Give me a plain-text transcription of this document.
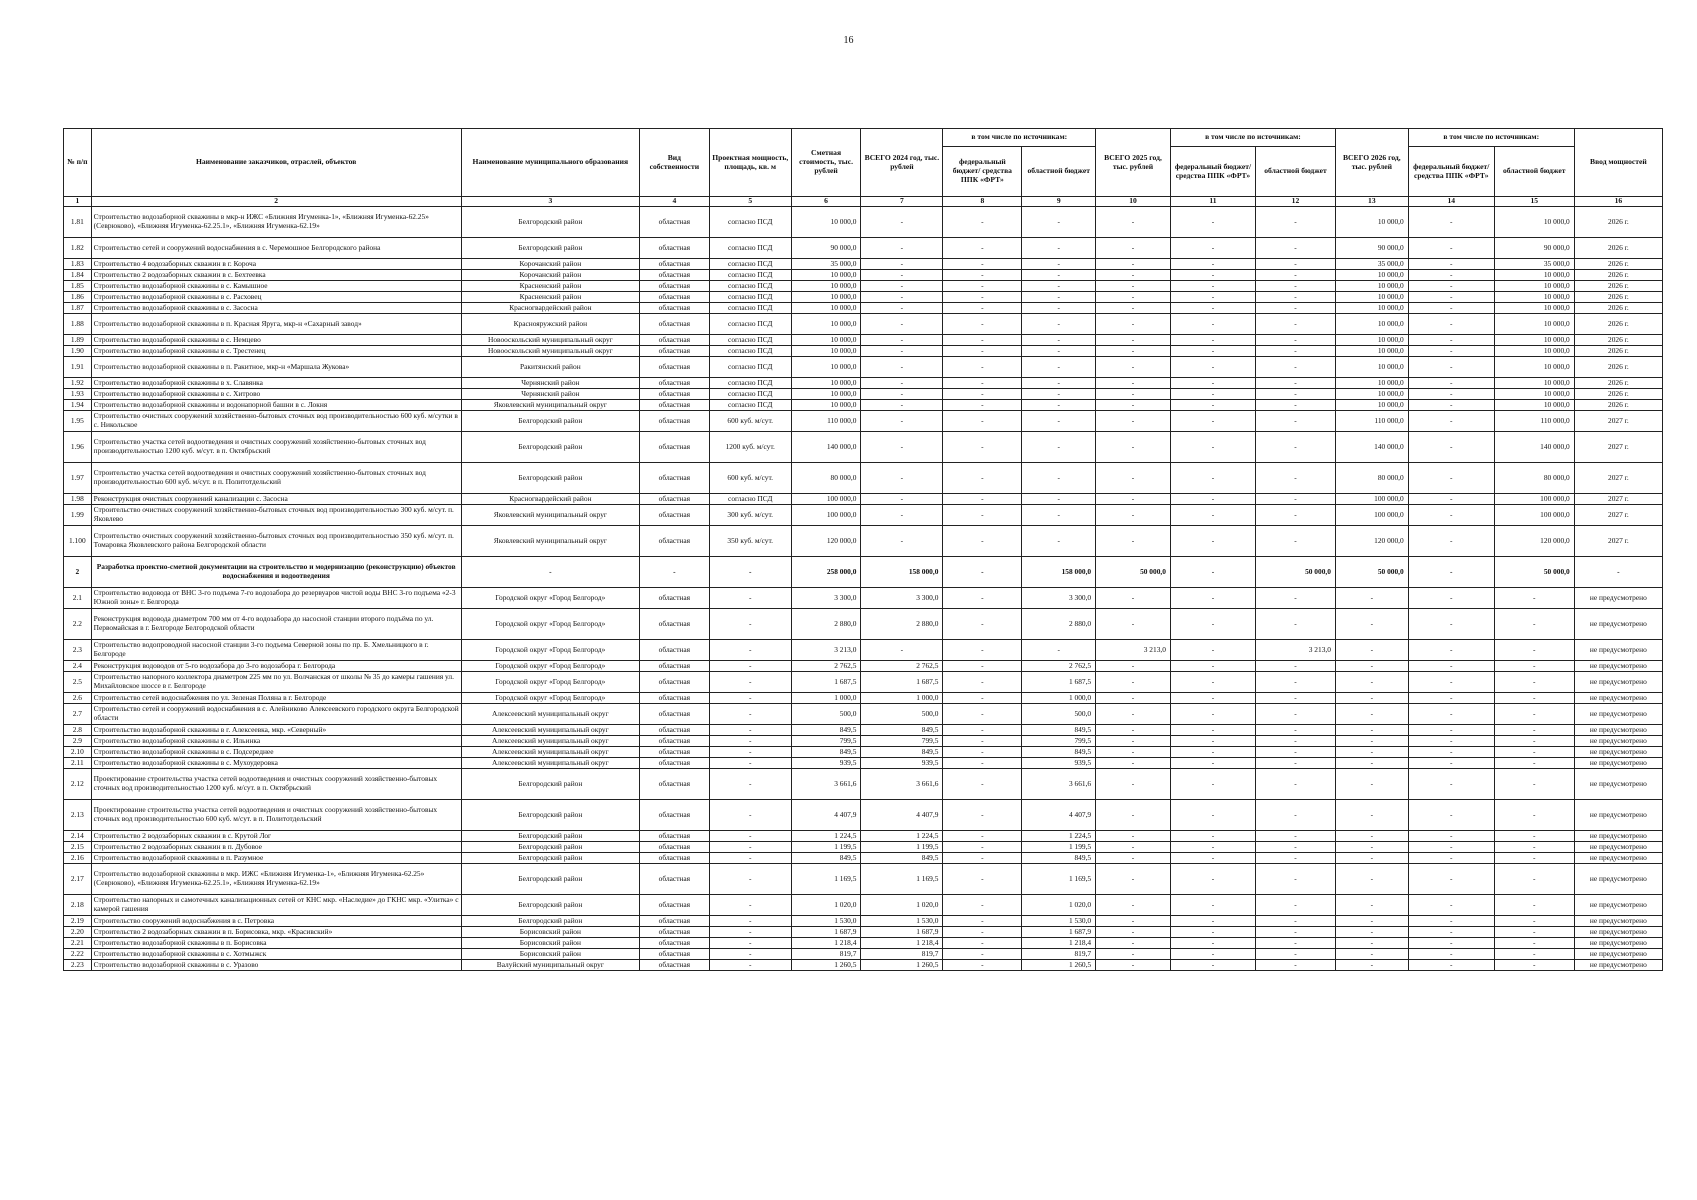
16
№ п/п	Наименование заказчиков, отраслей, объектов	Наименование муниципального образования	Вид собственности	Проектная мощность, площадь, кв. м	Сметная стоимость, тыс. рублей	ВСЕГО 2024 год, тыс. рублей	в том числе по источникам:		ВСЕГО 2025 год, тыс. рублей	в том числе по источникам:		ВСЕГО 2026 год, тыс. рублей	в том числе по источникам:		Ввод мощностей
							федеральный бюджет/ средства ППК «ФРТ»	областной бюджет		федеральный бюджет/ средства ППК «ФРТ»	областной бюджет		федеральный бюджет/ средства ППК «ФРТ»	областной бюджет	
1	2	3	4	5	6	7	8	9	10	11	12	13	14	15	16
1.81	Строительство водозаборной скважины в мкр-н ИЖС «Ближняя Игуменка-1», «Ближняя Игуменка-62.25» (Севрюково), «Ближняя Игуменка-62.25.1», «Ближняя Игуменка-62.19»	Белгородский район	областная	согласно ПСД	10 000,0	-	-	-	-	-	-	10 000,0	-	10 000,0	2026 г.
1.82	Строительство сетей и сооружений водоснабжения в с. Черемошное Белгородского района	Белгородский район	областная	согласно ПСД	90 000,0	-	-	-	-	-	-	90 000,0	-	90 000,0	2026 г.
1.83	Строительство 4 водозаборных скважин в г. Короча	Корочанский район	областная	согласно ПСД	35 000,0	-	-	-	-	-	-	35 000,0	-	35 000,0	2026 г.
1.84	Строительство 2 водозаборных скважин в с. Бехтеевка	Корочанский район	областная	согласно ПСД	10 000,0	-	-	-	-	-	-	10 000,0	-	10 000,0	2026 г.
1.85	Строительство водозаборной скважины в с. Камышное	Красненский район	областная	согласно ПСД	10 000,0	-	-	-	-	-	-	10 000,0	-	10 000,0	2026 г.
1.86	Строительство водозаборной скважины в с. Расховец	Красненский район	областная	согласно ПСД	10 000,0	-	-	-	-	-	-	10 000,0	-	10 000,0	2026 г.
1.87	Строительство водозаборной скважины в с. Засосна	Красногвардейский район	областная	согласно ПСД	10 000,0	-	-	-	-	-	-	10 000,0	-	10 000,0	2026 г.
1.88	Строительство водозаборной скважины в п. Красная Яруга, мкр-н «Сахарный завод»	Краснояружский район	областная	согласно ПСД	10 000,0	-	-	-	-	-	-	10 000,0	-	10 000,0	2026 г.
1.89	Строительство водозаборной скважины в с. Немцево	Новооскольский муниципальный округ	областная	согласно ПСД	10 000,0	-	-	-	-	-	-	10 000,0	-	10 000,0	2026 г.
1.90	Строительство водозаборной скважины в с. Трестенец	Новооскольский муниципальный округ	областная	согласно ПСД	10 000,0	-	-	-	-	-	-	10 000,0	-	10 000,0	2026 г.
1.91	Строительство водозаборной скважины в п. Ракитное, мкр-н «Маршала Жукова»	Ракитянский район	областная	согласно ПСД	10 000,0	-	-	-	-	-	-	10 000,0	-	10 000,0	2026 г.
1.92	Строительство водозаборной скважины в х. Славянка	Чернянский район	областная	согласно ПСД	10 000,0	-	-	-	-	-	-	10 000,0	-	10 000,0	2026 г.
1.93	Строительство водозаборной скважины в с. Хитрово	Чернянский район	областная	согласно ПСД	10 000,0	-	-	-	-	-	-	10 000,0	-	10 000,0	2026 г.
1.94	Строительство водозаборной скважины и водонапорной башни в с. Локня	Яковлевский муниципальный округ	областная	согласно ПСД	10 000,0	-	-	-	-	-	-	10 000,0	-	10 000,0	2026 г.
1.95	Строительство очистных сооружений хозяйственно-бытовых сточных вод производительностью 600 куб. м/сутки в с. Никольское	Белгородский район	областная	600 куб. м/сут.	110 000,0	-	-	-	-	-	-	110 000,0	-	110 000,0	2027 г.
1.96	Строительство участка сетей водоотведения и очистных сооружений хозяйственно-бытовых сточных вод производительностью 1200 куб. м/сут. в п. Октябрьский	Белгородский район	областная	1200 куб. м/сут.	140 000,0	-	-	-	-	-	-	140 000,0	-	140 000,0	2027 г.
1.97	Строительство участка сетей водоотведения и очистных сооружений хозяйственно-бытовых сточных вод производительностью 600 куб. м/сут. в п. Политотдельский	Белгородский район	областная	600 куб. м/сут.	80 000,0	-	-	-	-	-	-	80 000,0	-	80 000,0	2027 г.
1.98	Реконструкция очистных сооружений канализации с. Засосна	Красногвардейский район	областная	согласно ПСД	100 000,0	-	-	-	-	-	-	100 000,0	-	100 000,0	2027 г.
1.99	Строительство очистных сооружений хозяйственно-бытовых сточных вод производительностью 300 куб. м/сут. п. Яковлево	Яковлевский муниципальный округ	областная	300 куб. м/сут.	100 000,0	-	-	-	-	-	-	100 000,0	-	100 000,0	2027 г.
1.100	Строительство очистных сооружений хозяйственно-бытовых сточных вод производительностью 350 куб. м/сут. п. Томаровка Яковлевского района Белгородской области	Яковлевский муниципальный округ	областная	350 куб. м/сут.	120 000,0	-	-	-	-	-	-	120 000,0	-	120 000,0	2027 г.
2	Разработка проектно-сметной документации на строительство и модернизацию (реконструкцию) объектов водоснабжения и водоотведения	-	-	-	258 000,0	158 000,0	-	158 000,0	50 000,0	-	50 000,0	50 000,0	-	50 000,0	-
2.1	Строительство водовода от ВНС 3-го подъема 7-го водозабора до резервуаров чистой воды ВНС 3-го подъема «2-3 Южной зоны» г. Белгорода	Городской округ «Город Белгород»	областная	-	3 300,0	3 300,0	-	3 300,0	-	-	-	-	-	-	не предусмотрено
2.2	Реконструкция водовода диаметром 700 мм от 4-го водозабора до насосной станции второго подъёма по ул. Первомайская в г. Белгороде Белгородской области	Городской округ «Город Белгород»	областная	-	2 880,0	2 880,0	-	2 880,0	-	-	-	-	-	-	не предусмотрено
2.3	Строительство водопроводной насосной станции 3-го подъема Северной зоны по пр. Б. Хмельницкого в г. Белгороде	Городской округ «Город Белгород»	областная	-	3 213,0	-	-	-	3 213,0	-	3 213,0	-	-	-	не предусмотрено
2.4	Реконструкция водоводов от 5-го водозабора до 3-го водозабора г. Белгорода	Городской округ «Город Белгород»	областная	-	2 762,5	2 762,5	-	2 762,5	-	-	-	-	-	-	не предусмотрено
2.5	Строительство напорного коллектора диаметром 225 мм по ул. Волчанская от школы № 35 до камеры гашения ул. Михайловское шоссе в г. Белгороде	Городской округ «Город Белгород»	областная	-	1 687,5	1 687,5	-	1 687,5	-	-	-	-	-	-	не предусмотрено
2.6	Строительство сетей водоснабжения по ул. Зеленая Поляна в г. Белгороде	Городской округ «Город Белгород»	областная	-	1 000,0	1 000,0	-	1 000,0	-	-	-	-	-	-	не предусмотрено
2.7	Строительство сетей и сооружений водоснабжения в с. Алейниково Алексеевского городского округа Белгородской области	Алексеевский муниципальный округ	областная	-	500,0	500,0	-	500,0	-	-	-	-	-	-	не предусмотрено
2.8	Строительство водозаборной скважины в г. Алексеевка, мкр. «Северный»	Алексеевский муниципальный округ	областная	-	849,5	849,5	-	849,5	-	-	-	-	-	-	не предусмотрено
2.9	Строительство водозаборной скважины в с. Ильинка	Алексеевский муниципальный округ	областная	-	799,5	799,5	-	799,5	-	-	-	-	-	-	не предусмотрено
2.10	Строительство водозаборной скважины в с. Подсереднее	Алексеевский муниципальный округ	областная	-	849,5	849,5	-	849,5	-	-	-	-	-	-	не предусмотрено
2.11	Строительство водозаборной скважины в с. Мухоудеровка	Алексеевский муниципальный округ	областная	-	939,5	939,5	-	939,5	-	-	-	-	-	-	не предусмотрено
2.12	Проектирование строительства участка сетей водоотведения и очистных сооружений хозяйственно-бытовых сточных вод производительностью 1200 куб. м/сут. в п. Октябрьский	Белгородский район	областная	-	3 661,6	3 661,6	-	3 661,6	-	-	-	-	-	-	не предусмотрено
2.13	Проектирование строительства участка сетей водоотведения и очистных сооружений хозяйственно-бытовых сточных вод производительностью 600 куб. м/сут. в п. Политотдельский	Белгородский район	областная	-	4 407,9	4 407,9	-	4 407,9	-	-	-	-	-	-	не предусмотрено
2.14	Строительство 2 водозаборных скважин в с. Крутой Лог	Белгородский район	областная	-	1 224,5	1 224,5	-	1 224,5	-	-	-	-	-	-	не предусмотрено
2.15	Строительство 2 водозаборных скважин в п. Дубовое	Белгородский район	областная	-	1 199,5	1 199,5	-	1 199,5	-	-	-	-	-	-	не предусмотрено
2.16	Строительство водозаборной скважины в п. Разумное	Белгородский район	областная	-	849,5	849,5	-	849,5	-	-	-	-	-	-	не предусмотрено
2.17	Строительство водозаборной скважины в мкр. ИЖС «Ближняя Игуменка-1», «Ближняя Игуменка-62.25» (Севрюково), «Ближняя Игуменка-62.25.1», «Ближняя Игуменка-62.19»	Белгородский район	областная	-	1 169,5	1 169,5	-	1 169,5	-	-	-	-	-	-	не предусмотрено
2.18	Строительство напорных и самотечных канализационных сетей от КНС мкр. «Наследие» до ГКНС мкр. «Улитка» с камерой гашения	Белгородский район	областная	-	1 020,0	1 020,0	-	1 020,0	-	-	-	-	-	-	не предусмотрено
2.19	Строительство сооружений водоснабжения в с. Петровка	Белгородский район	областная	-	1 530,0	1 530,0	-	1 530,0	-	-	-	-	-	-	не предусмотрено
2.20	Строительство 2 водозаборных скважин в п. Борисовка, мкр. «Красивский»	Борисовский район	областная	-	1 687,9	1 687,9	-	1 687,9	-	-	-	-	-	-	не предусмотрено
2.21	Строительство водозаборной скважины в п. Борисовка	Борисовский район	областная	-	1 218,4	1 218,4	-	1 218,4	-	-	-	-	-	-	не предусмотрено
2.22	Строительство водозаборной скважины в с. Хотмыжск	Борисовский район	областная	-	819,7	819,7	-	819,7	-	-	-	-	-	-	не предусмотрено
2.23	Строительство водозаборной скважины в с. Уразово	Валуйский муниципальный округ	областная	-	1 260,5	1 260,5	-	1 260,5	-	-	-	-	-	-	не предусмотрено
